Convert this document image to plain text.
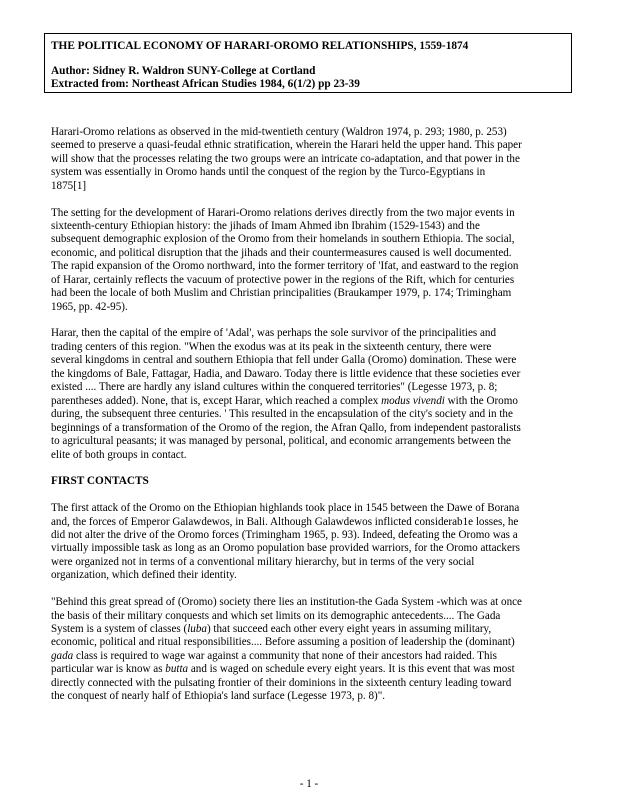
THE POLITICAL ECONOMY OF HARARI-OROMO RELATIONSHIPS, 1559-1874
Author: Sidney R. Waldron SUNY-College at Cortland
Extracted from: Northeast African Studies 1984, 6(1/2) pp 23-39
Harari-Oromo relations as observed in the mid-twentieth century (Waldron 1974, p. 293; 1980, p. 253)
seemed to preserve a quasi-feudal ethnic stratification, wherein the Harari held the upper hand. This paper
will show that the processes relating the two groups were an intricate co-adaptation, and that power in the
system was essentially in Oromo hands until the conquest of the region by the Turco-Egyptians in
1875[1]
The setting for the development of Harari-Oromo relations derives directly from the two major events in
sixteenth-century Ethiopian history: the jihads of Imam Ahmed ibn Ibrahim (1529-1543) and the
subsequent demographic explosion of the Oromo from their homelands in southern Ethiopia. The social,
economic, and political disruption that the jihads and their countermeasures caused is well documented.
The rapid expansion of the Oromo northward, into the former territory of 'Ifat, and eastward to the region
of Harar, certainly reflects the vacuum of protective power in the regions of the Rift, which for centuries
had been the locale of both Muslim and Christian principalities (Braukamper 1979, p. 174; Trimingham
1965, pp. 42-95).
Harar, then the capital of the empire of 'Adal', was perhaps the sole survivor of the principalities and
trading centers of this region. "When the exodus was at its peak in the sixteenth century, there were
several kingdoms in central and southern Ethiopia that fell under Galla (Oromo) domination. These were
the kingdoms of Bale, Fattagar, Hadia, and Dawaro. Today there is little evidence that these societies ever
existed .... There are hardly any island cultures within the conquered territories" (Legesse 1973, p. 8;
parentheses added). None, that is, except Harar, which reached a complex modus vivendi with the Oromo
during, the subsequent three centuries. ' This resulted in the encapsulation of the city's society and in the
beginnings of a transformation of the Oromo of the region, the Afran Qallo, from independent pastoralists
to agricultural peasants; it was managed by personal, political, and economic arrangements between the
elite of both groups in contact.
FIRST CONTACTS
The first attack of the Oromo on the Ethiopian highlands took place in 1545 between the Dawe of Borana
and, the forces of Emperor Galawdewos, in Bali. Although Galawdewos inflicted considerab1e losses, he
did not alter the drive of the Oromo forces (Trimingham 1965, p. 93). Indeed, defeating the Oromo was a
virtually impossible task as long as an Oromo population base provided warriors, for the Oromo attackers
were organized not in terms of a conventional military hierarchy, but in terms of the very social
organization, which defined their identity.
"Behind this great spread of (Oromo) society there lies an institution-the Gada System -which was at once
the basis of their military conquests and which set limits on its demographic antecedents.... The Gada
System is a system of classes (luba) that succeed each other every eight years in assuming military,
economic, political and ritual responsibilities.... Before assuming a position of leadership the (dominant)
gada class is required to wage war against a community that none of their ancestors had raided. This
particular war is know as butta and is waged on schedule every eight years. It is this event that was most
directly connected with the pulsating frontier of their dominions in the sixteenth century leading toward
the conquest of nearly half of Ethiopia's land surface (Legesse 1973, p. 8)".
- 1 -
